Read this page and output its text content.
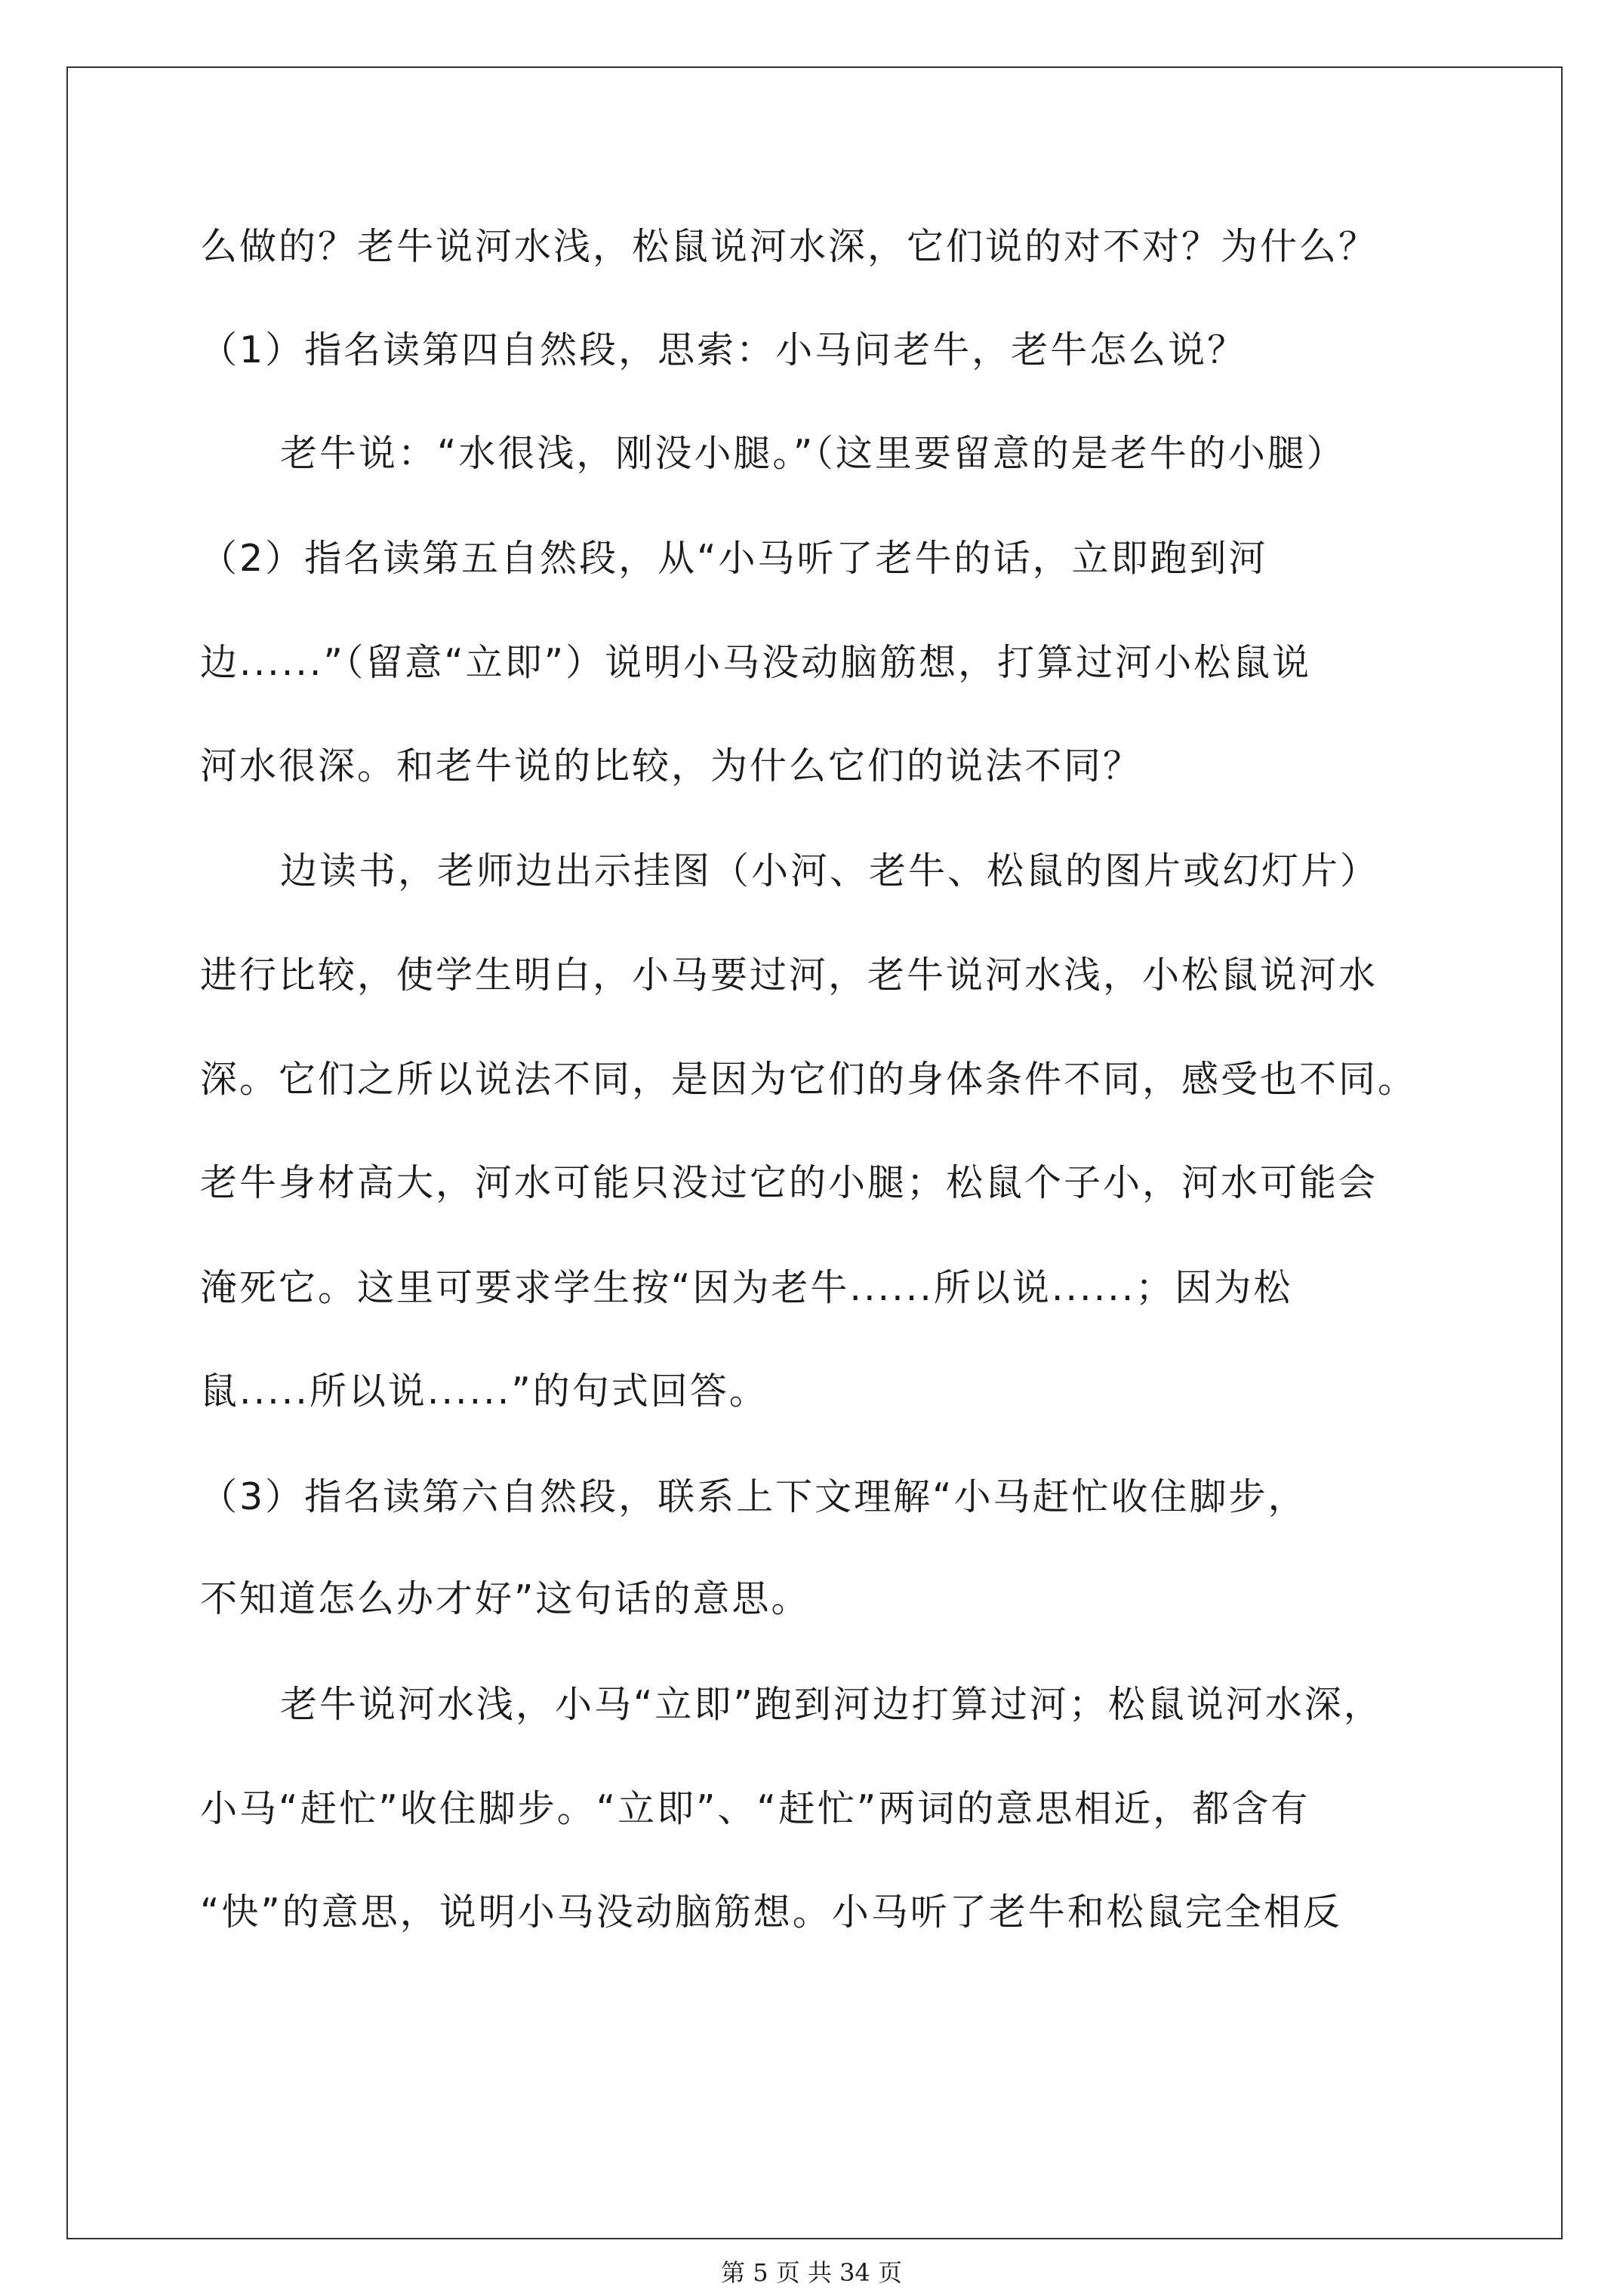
么做的？老牛说河水浅，松鼠说河水深，它们说的对不对？为什么？
（1）指名读第四自然段，思索：小马问老牛，老牛怎么说？
老牛说：“水很浅，刚没小腿。”（这里要留意的是老牛的小腿）
（2）指名读第五自然段，从“小马听了老牛的话，立即跑到河
边......”（留意“立即”）说明小马没动脑筋想，打算过河小松鼠说
河水很深。和老牛说的比较，为什么它们的说法不同？
边读书，老师边出示挂图（小河、老牛、松鼠的图片或幻灯片）
进行比较，使学生明白，小马要过河，老牛说河水浅，小松鼠说河水
深。它们之所以说法不同，是因为它们的身体条件不同，感受也不同。
老牛身材高大，河水可能只没过它的小腿；松鼠个子小，河水可能会
淹死它。这里可要求学生按“因为老牛......所以说......；因为松
鼠.....所以说......”的句式回答。
（3）指名读第六自然段，联系上下文理解“小马赶忙收住脚步，
不知道怎么办才好”这句话的意思。
老牛说河水浅，小马“立即”跑到河边打算过河；松鼠说河水深，
小马“赶忙”收住脚步。“立即”、“赶忙”两词的意思相近，都含有
“快”的意思，说明小马没动脑筋想。小马听了老牛和松鼠完全相反
第 5 页 共 34 页
